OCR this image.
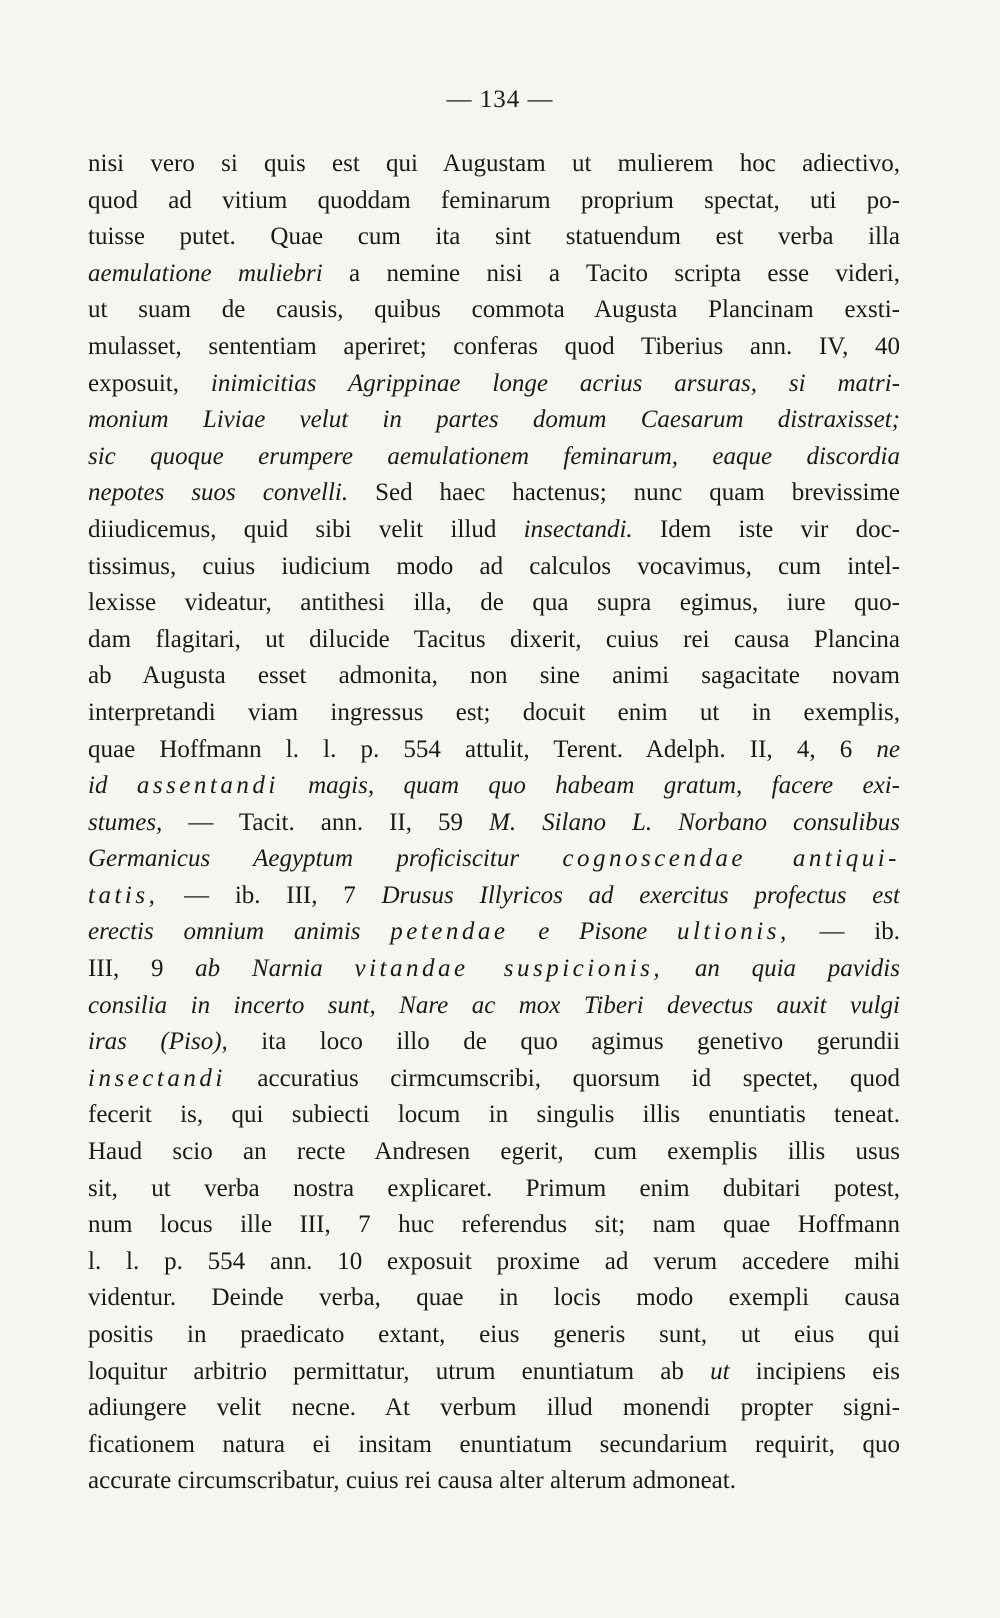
— 134 —
nisi vero si quis est qui Augustam ut mulierem hoc adiectivo,
quod ad vitium quoddam feminarum proprium spectat, uti po-
tuisse putet. Quae cum ita sint statuendum est verba illa
aemulatione muliebri a nemine nisi a Tacito scripta esse videri,
ut suam de causis, quibus commota Augusta Plancinam exsti-
mulasset, sententiam aperiret; conferas quod Tiberius ann. IV, 40
exposuit, inimicitias Agrippinae longe acrius arsuras, si matri-
monium Liviae velut in partes domum Caesarum distraxisset;
sic quoque erumpere aemulationem feminarum, eaque discordia
nepotes suos convelli. Sed haec hactenus; nunc quam brevissime
diiudicemus, quid sibi velit illud insectandi. Idem iste vir doc-
tissimus, cuius iudicium modo ad calculos vocavimus, cum intel-
lexisse videatur, antithesi illa, de qua supra egimus, iure quo-
dam flagitari, ut dilucide Tacitus dixerit, cuius rei causa Plancina
ab Augusta esset admonita, non sine animi sagacitate novam
interpretandi viam ingressus est; docuit enim ut in exemplis,
quae Hoffmann l. l. p. 554 attulit, Terent. Adelph. II, 4, 6 ne
id assentandi magis, quam quo habeam gratum, facere exi-
stumes, — Tacit. ann. II, 59 M. Silano L. Norbano consulibus
Germanicus Aegyptum proficiscitur cognoscendae antiqui-
tatis, — ib. III, 7 Drusus Illyricos ad exercitus profectus est
erectis omnium animis petendae e Pisone ultionis, — ib.
III, 9 ab Narnia vitandae suspicionis, an quia pavidis
consilia in incerto sunt, Nare ac mox Tiberi devectus auxit vulgi
iras (Piso), ita loco illo de quo agimus genetivo gerundii
insectandi accuratius cirmcumscribi, quorsum id spectet, quod
fecerit is, qui subiecti locum in singulis illis enuntiatis teneat.
Haud scio an recte Andresen egerit, cum exemplis illis usus
sit, ut verba nostra explicaret. Primum enim dubitari potest,
num locus ille III, 7 huc referendus sit; nam quae Hoffmann
l. l. p. 554 ann. 10 exposuit proxime ad verum accedere mihi
videntur. Deinde verba, quae in locis modo exempli causa
positis in praedicato extant, eius generis sunt, ut eius qui
loquitur arbitrio permittatur, utrum enuntiatum ab ut incipiens eis
adiungere velit necne. At verbum illud monendi propter signi-
ficationem natura ei insitam enuntiatum secundarium requirit, quo
accurate circumscribatur, cuius rei causa alter alterum admoneat.
